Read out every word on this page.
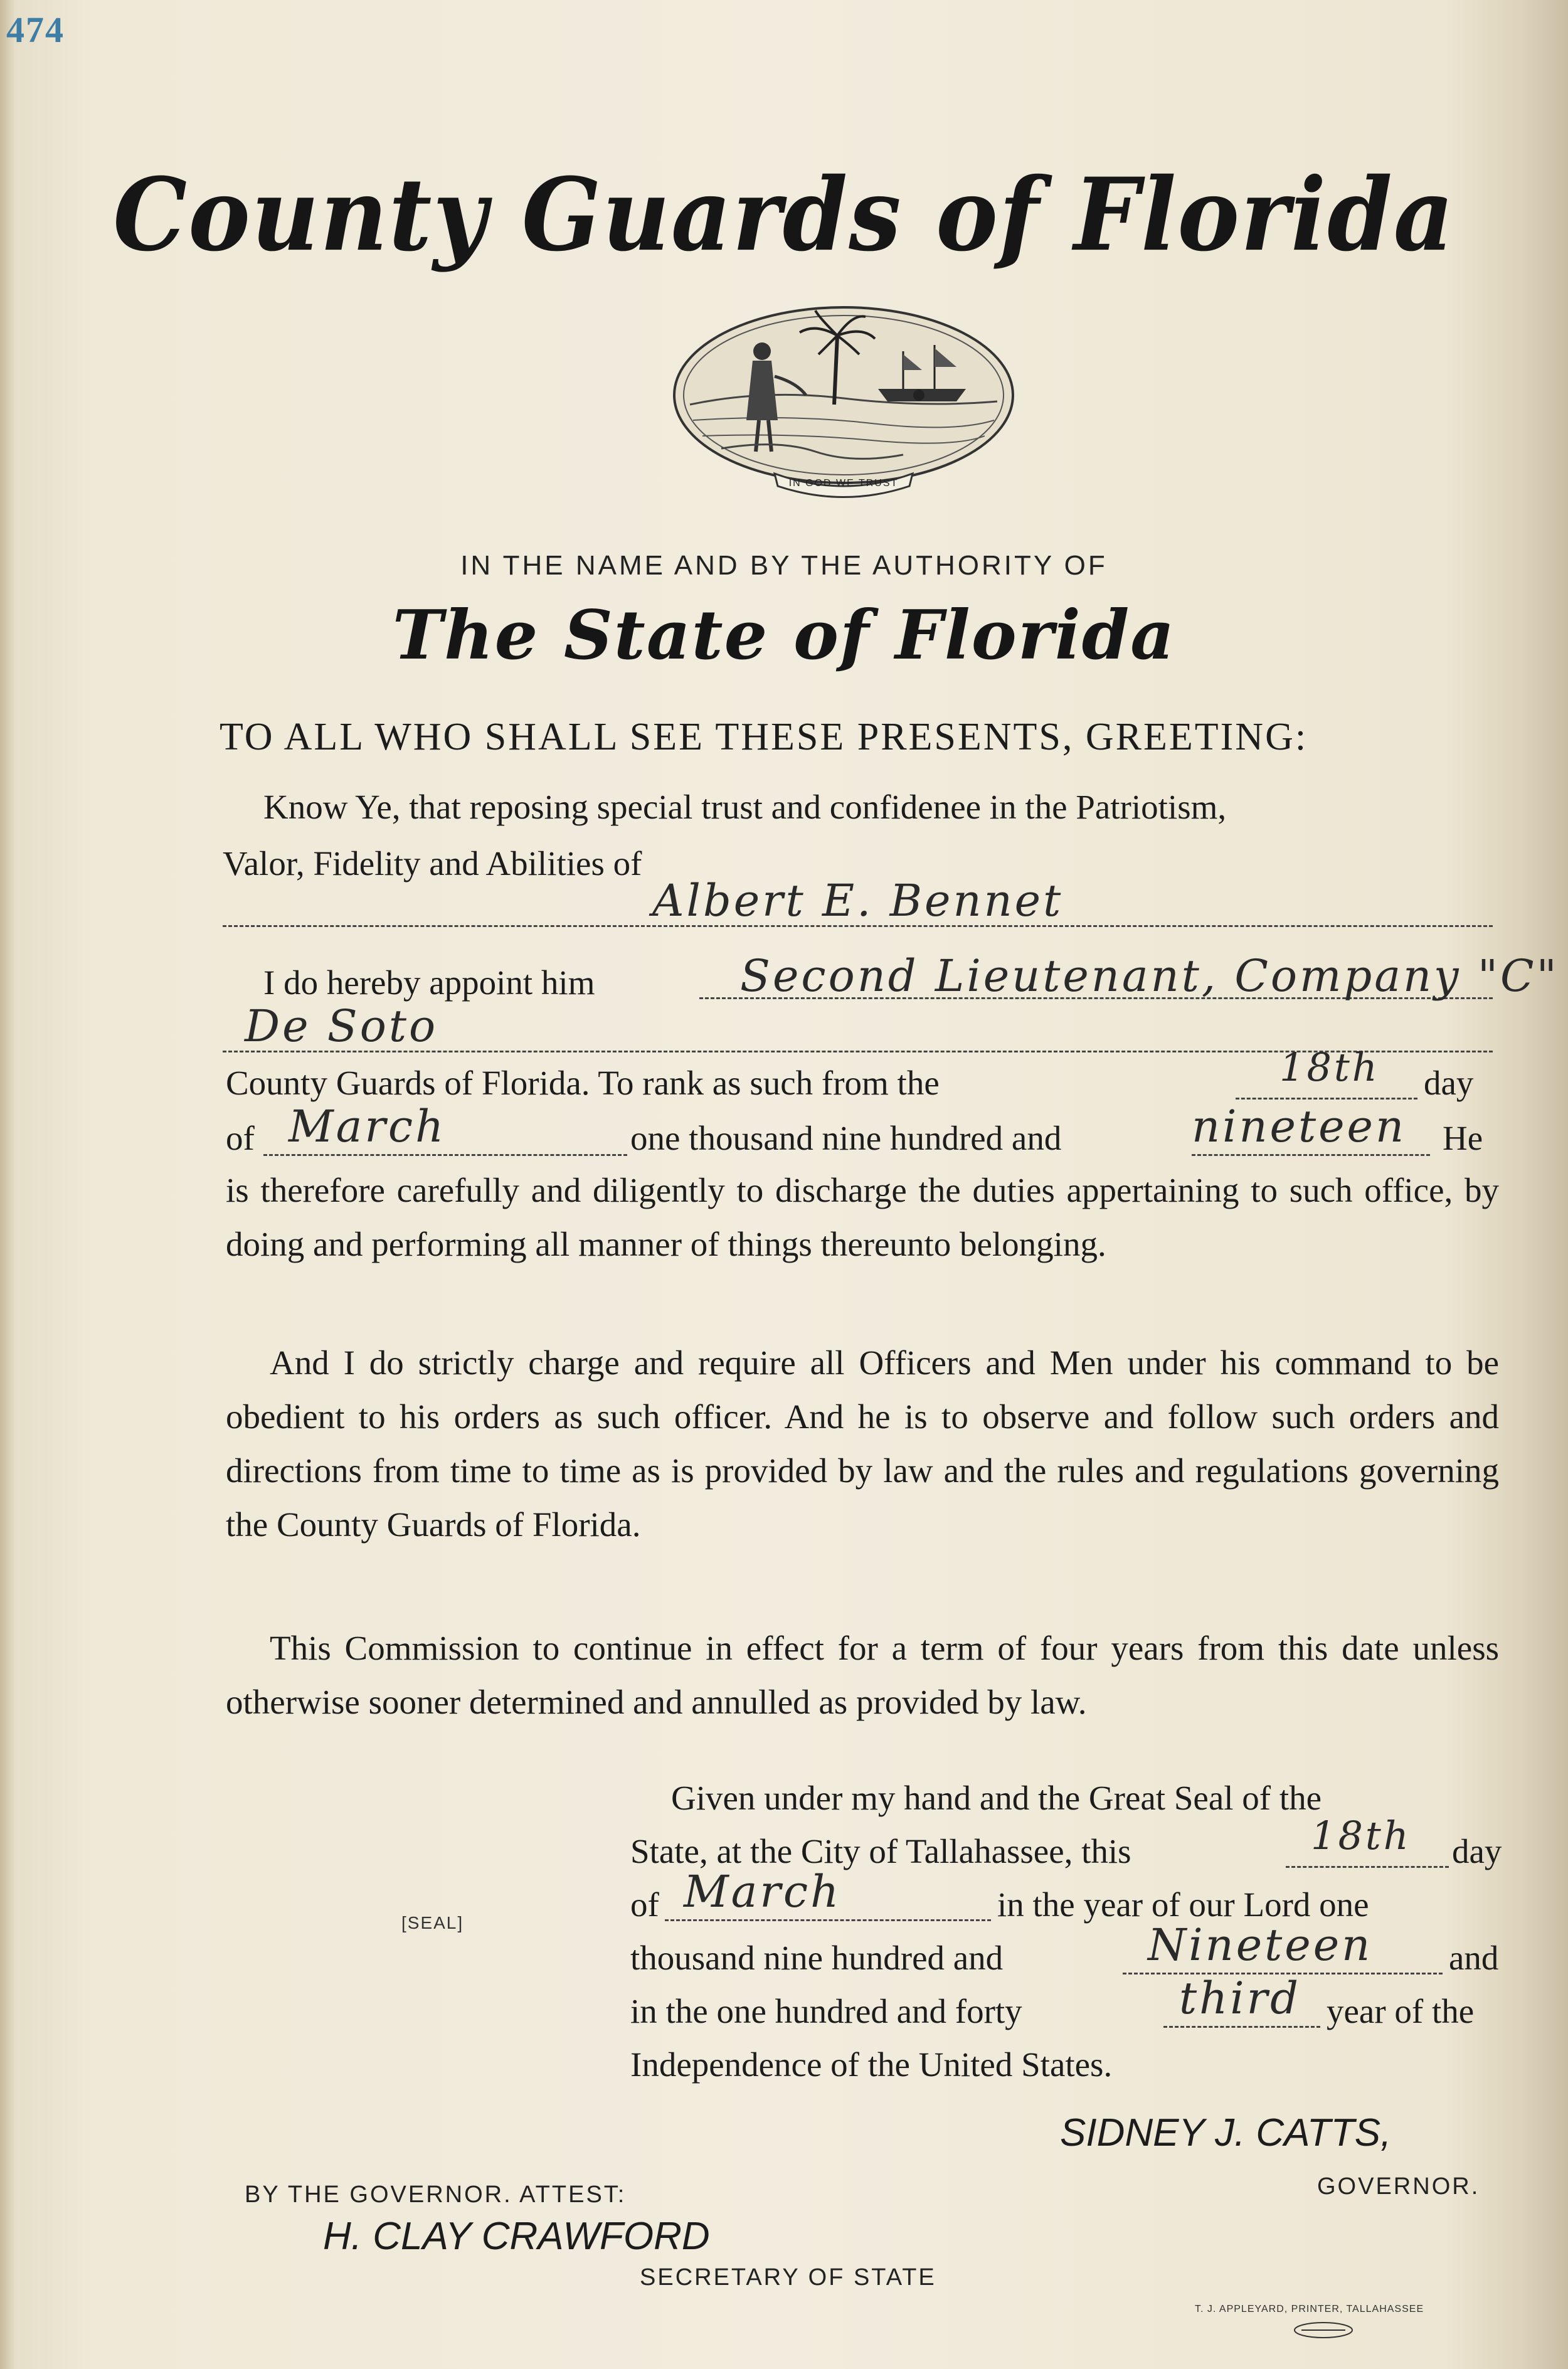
474
County Guards of Florida
IN GOD WE TRUST
IN THE NAME AND BY THE AUTHORITY OF
The State of Florida
TO ALL WHO SHALL SEE THESE PRESENTS, GREETING:
Know Ye, that reposing special trust and confidenee in the Patriotism,
Valor, Fidelity and Abilities of
Albert E. Bennet
I do hereby appoint him	Second Lieutenant, Company "C"
De Soto
County Guards of Florida. To rank as such from the	18th day
of March	one thousand nine hundred and	nineteen He

is therefore carefully and diligently to discharge the duties appertaining to such office, by doing and performing all manner of things thereunto belonging.

And I do strictly charge and require all Officers and Men under his command to be obedient to his orders as such officer. And he is to observe and follow such orders and directions from time to time as is provided by law and the rules and regulations governing the County Guards of Florida.

This Commission to continue in effect for a term of four years from this date unless otherwise sooner determined and annulled as provided by law.

Given under my hand and the Great Seal of the
State, at the City of Tallahassee, this	18th day
[SEAL]	of March	in the year of our Lord one
thousand nine hundred and	Nineteen and
in the one hundred and forty	third year of the
Independence of the United States.
SIDNEY J. CATTS,
GOVERNOR.
BY THE GOVERNOR. ATTEST:
H. CLAY CRAWFORD
SECRETARY OF STATE
T. J. APPLEYARD, PRINTER, TALLAHASSEE
